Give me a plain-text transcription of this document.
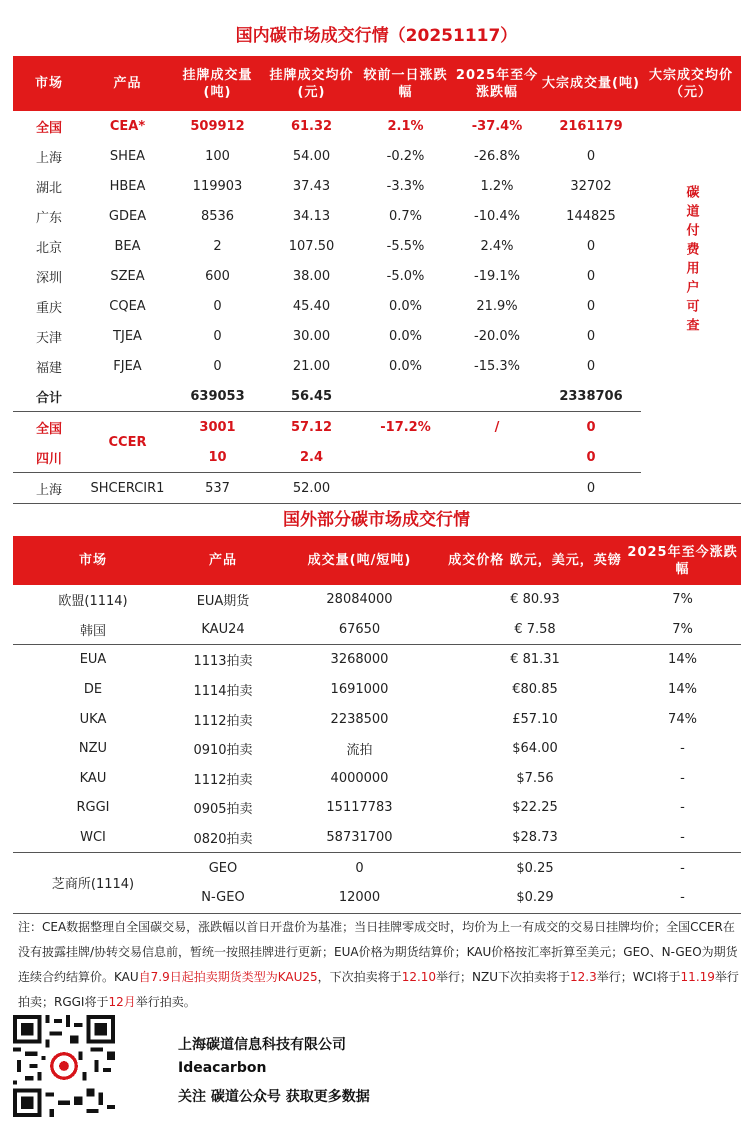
国内碳市场成交行情（20251117）
市场	产品	挂牌成交量(吨)	挂牌成交均价(元)	较前一日涨跌幅	2025年至今涨跌幅	大宗成交量(吨)	大宗成交均价（元）
全国	CEA*	509912	61.32	2.1%	-37.4%	2161179	碳道付费用户可查
上海	SHEA	100	54.00	-0.2%	-26.8%	0	
湖北	HBEA	119903	37.43	-3.3%	1.2%	32702	
广东	GDEA	8536	34.13	0.7%	-10.4%	144825	
北京	BEA	2	107.50	-5.5%	2.4%	0	
深圳	SZEA	600	38.00	-5.0%	-19.1%	0	
重庆	CQEA	0	45.40	0.0%	21.9%	0	
天津	TJEA	0	30.00	0.0%	-20.0%	0	
福建	FJEA	0	21.00	0.0%	-15.3%	0	
合计		639053	56.45			2338706	
全国	CCER	3001	57.12	-17.2%	/	0	
四川		10	2.4			0	
上海	SHCERCIR1	537	52.00			0	
国外部分碳市场成交行情
市场	产品	成交量(吨/短吨)	成交价格 欧元，美元，英镑	2025年至今涨跌幅
欧盟(1114)	EUA期货	28084000	€ 80.93	7%
韩国	KAU24	67650	€ 7.58	7%
EUA	1113拍卖	3268000	€ 81.31	14%
DE	1114拍卖	1691000	€80.85	14%
UKA	1112拍卖	2238500	£57.10	74%
NZU	0910拍卖	流拍	$64.00	-
KAU	1112拍卖	4000000	$7.56	-
RGGI	0905拍卖	15117783	$22.25	-
WCI	0820拍卖	58731700	$28.73	-
芝商所(1114)	GEO	0	$0.25	-
	N-GEO	12000	$0.29	-
注：CEA数据整理自全国碳交易，涨跌幅以首日开盘价为基准；当日挂牌零成交时，均价为上一有成交的交易日挂牌均价；全国CCER在没有披露挂牌/协转交易信息前，暂统一按照挂牌进行更新；EUA价格为期货结算价；KAU价格按汇率折算至美元；GEO、N-GEO为期货连续合约结算价。KAU自7.9日起拍卖期货类型为KAU25，下次拍卖将于12.10举行；NZU下次拍卖将于12.3举行；WCI将于11.19举行拍卖；RGGI将于12月举行拍卖。
上海碳道信息科技有限公司
Ideacarbon
关注 碳道公众号 获取更多数据
